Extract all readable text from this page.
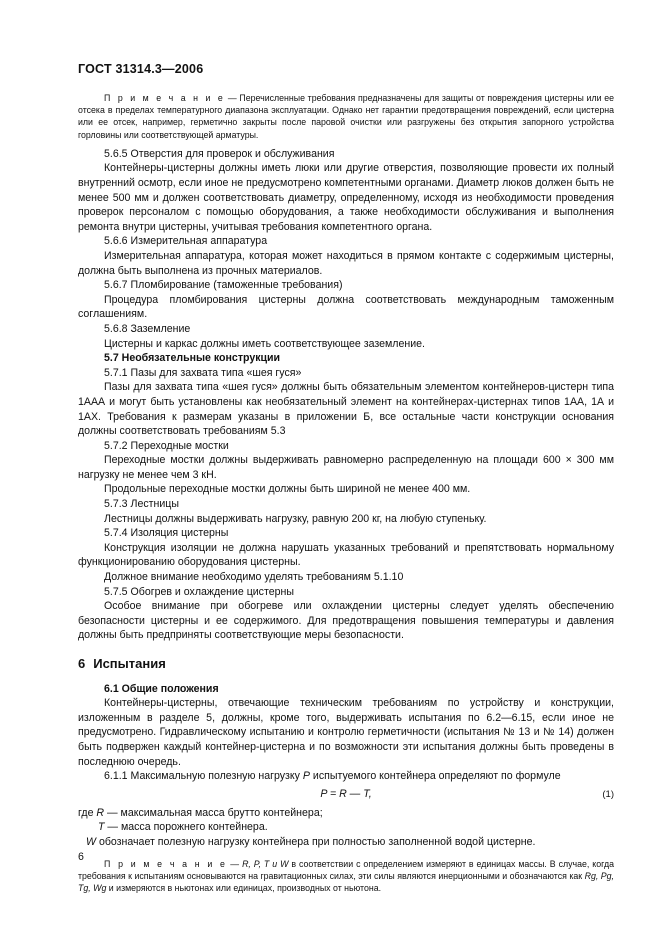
ГОСТ 31314.3—2006

П р и м е ч а н и е — Перечисленные требования предназначены для защиты от повреждения цистерны или ее отсека в пределах температурного диапазона эксплуатации. Однако нет гарантии предотвращения повреждений, если цистерна или ее отсек, например, герметично закрыты после паровой очистки или разгружены без открытия запорного устройства горловины или соответствующей арматуры.

5.6.5 Отверстия для проверок и обслуживания

Контейнеры-цистерны должны иметь люки или другие отверстия, позволяющие провести их полный внутренний осмотр, если иное не предусмотрено компетентными органами. Диаметр люков должен быть не менее 500 мм и должен соответствовать диаметру, определенному, исходя из необходимости проведения проверок персоналом с помощью оборудования, а также необходимости обслуживания и выполнения ремонта внутри цистерны, учитывая требования компетентного органа.

5.6.6 Измерительная аппаратура

Измерительная аппаратура, которая может находиться в прямом контакте с содержимым цистерны, должна быть выполнена из прочных материалов.

5.6.7 Пломбирование (таможенные требования)

Процедура пломбирования цистерны должна соответствовать международным таможенным соглашениям.

5.6.8 Заземление

Цистерны и каркас должны иметь соответствующее заземление.

5.7 Необязательные конструкции

5.7.1 Пазы для захвата типа «шея гуся»

Пазы для захвата типа «шея гуся» должны быть обязательным элементом контейнеров-цистерн типа 1ААА и могут быть установлены как необязательный элемент на контейнерах-цистернах типов 1АА, 1А и 1АХ. Требования к размерам указаны в приложении Б, все остальные части конструкции основания должны соответствовать требованиям 5.3

5.7.2 Переходные мостки

Переходные мостки должны выдерживать равномерно распределенную на площади 600 × 300 мм нагрузку не менее чем 3 кН.

Продольные переходные мостки должны быть шириной не менее 400 мм.

5.7.3 Лестницы

Лестницы должны выдерживать нагрузку, равную 200 кг, на любую ступеньку.

5.7.4 Изоляция цистерны

Конструкция изоляции не должна нарушать указанных требований и препятствовать нормальному функционированию оборудования цистерны.

Должное внимание необходимо уделять требованиям 5.1.10

5.7.5 Обогрев и охлаждение цистерны

Особое внимание при обогреве или охлаждении цистерны следует уделять обеспечению безопасности цистерны и ее содержимого. Для предотвращения повышения температуры и давления должны быть предприняты соответствующие меры безопасности.

6 Испытания

6.1 Общие положения

Контейнеры-цистерны, отвечающие техническим требованиям по устройству и конструкции, изложенным в разделе 5, должны, кроме того, выдерживать испытания по 6.2—6.15, если иное не предусмотрено. Гидравлическому испытанию и контролю герметичности (испытания № 13 и № 14) должен быть подвержен каждый контейнер-цистерна и по возможности эти испытания должны быть проведены в последнюю очередь.

6.1.1 Максимальную полезную нагрузку P испытуемого контейнера определяют по формуле

P = R — T,	(1)

где R — максимальная масса брутто контейнера;

T — масса порожнего контейнера.

W обозначает полезную нагрузку контейнера при полностью заполненной водой цистерне.

П р и м е ч а н и е — R, P, T и W в соответствии с определением измеряют в единицах массы. В случае, когда требования к испытаниям основываются на гравитационных силах, эти силы являются инерционными и обозначаются как Rg, Pg, Tg, Wg и измеряются в ньютонах или единицах, производных от ньютона.

6
